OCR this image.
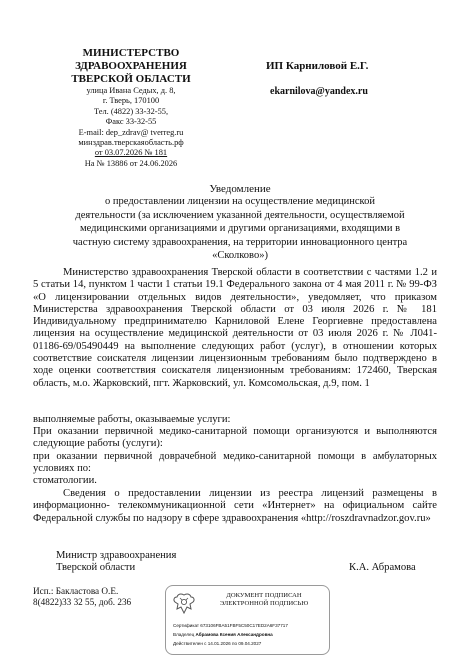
МИНИСТЕРСТВО
ЗДРАВООХРАНЕНИЯ
ТВЕРСКОЙ ОБЛАСТИ
улица Ивана Седых, д. 8,
г. Тверь, 170100
Тел. (4822) 33-32-55,
Факс 33-32-55
E-mail: dep_zdrav@ tverreg.ru
минздрав.тверскаяобласть.рф
от 03.07.2026 № 181
На № 13886 от 24.06.2026
ИП Карниловой Е.Г.
ekarnilova@yandex.ru
Уведомление
о предоставлении лицензии на осуществление медицинской
деятельности (за исключением указанной деятельности, осуществляемой
медицинскими организациями и другими организациями, входящими в
частную систему здравоохранения, на территории инновационного центра
«Сколково»)
Министерство здравоохранения Тверской области в соответствии с частями 1.2 и 5 статьи 14, пунктом 1 части 1 статьи 19.1 Федерального закона от 4 мая 2011 г. № 99-ФЗ «О лицензировании отдельных видов деятельности», уведомляет, что приказом Министерства здравоохранения Тверской области от 03 июля 2026 г. № 181 Индивидуальному предпринимателю Карниловой Елене Георгиевне предоставлена лицензия на осуществление медицинской деятельности от 03 июля 2026 г. № Л041-01186-69/05490449 на выполнение следующих работ (услуг), в отношении которых соответствие соискателя лицензии лицензионным требованиям было подтверждено в ходе оценки соответствия соискателя лицензионным требованиям: 172460, Тверская область, м.о. Жарковский, пгт. Жарковский, ул. Комсомольская, д.9, пом. 1
выполняемые работы, оказываемые услуги:
При оказании первичной медико-санитарной помощи организуются и выполняются следующие работы (услуги):
при оказании первичной доврачебной медико-санитарной помощи в амбулаторных условиях по:
стоматологии.
Сведения о предоставлении лицензии из реестра лицензий размещены в информационно- телекоммуникационной сети «Интернет» на официальном сайте Федеральной службы по надзору в сфере здравоохранения «http://roszdravnadzor.gov.ru»
Министр здравоохранения
Тверской области	К.А. Абрамова
Исп.: Бакластова О.Е.
8(4822)33 32 55, доб. 236
ДОКУМЕНТ ПОДПИСАН
ЭЛЕКТРОННОЙ ПОДПИСЬЮ
Сертификат 673106FBA51FBF5C50C17ED2A6F37717
Владелец Абрамова Ксения Александровна
Действителен с 14.01.2026 по 09.04.2027
